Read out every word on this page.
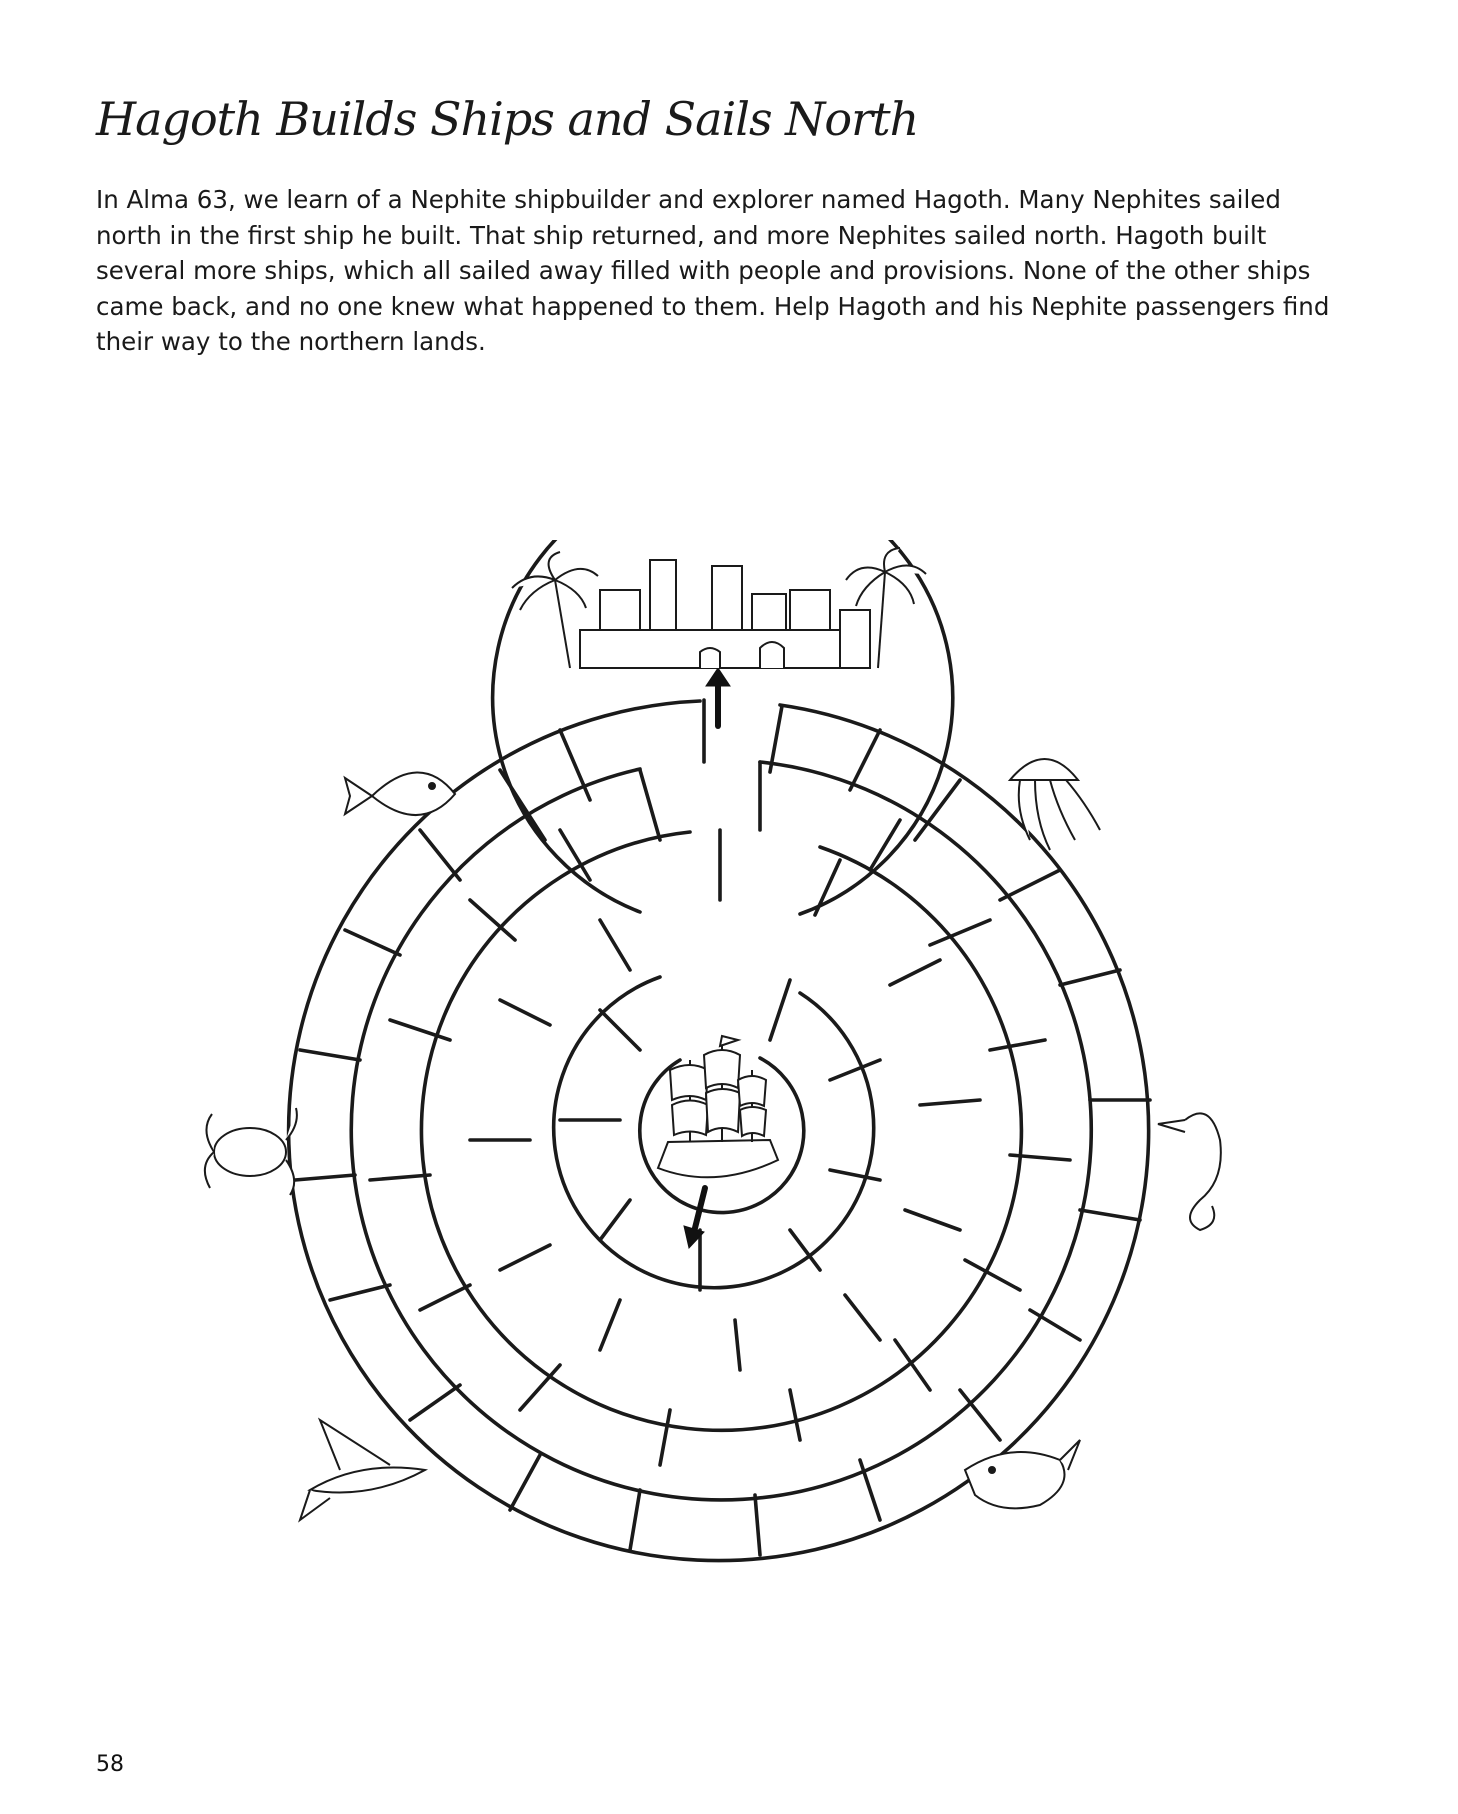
Hagoth Builds Ships and Sails North

In Alma 63, we learn of a Nephite shipbuilder and explorer named Hagoth. Many Nephites sailed north in the first ship he built. That ship returned, and more Nephites sailed north. Hagoth built several more ships, which all sailed away filled with people and provisions. None of the other ships came back, and no one knew what happened to them. Help Hagoth and his Nephite passengers find their way to the northern lands.

58
